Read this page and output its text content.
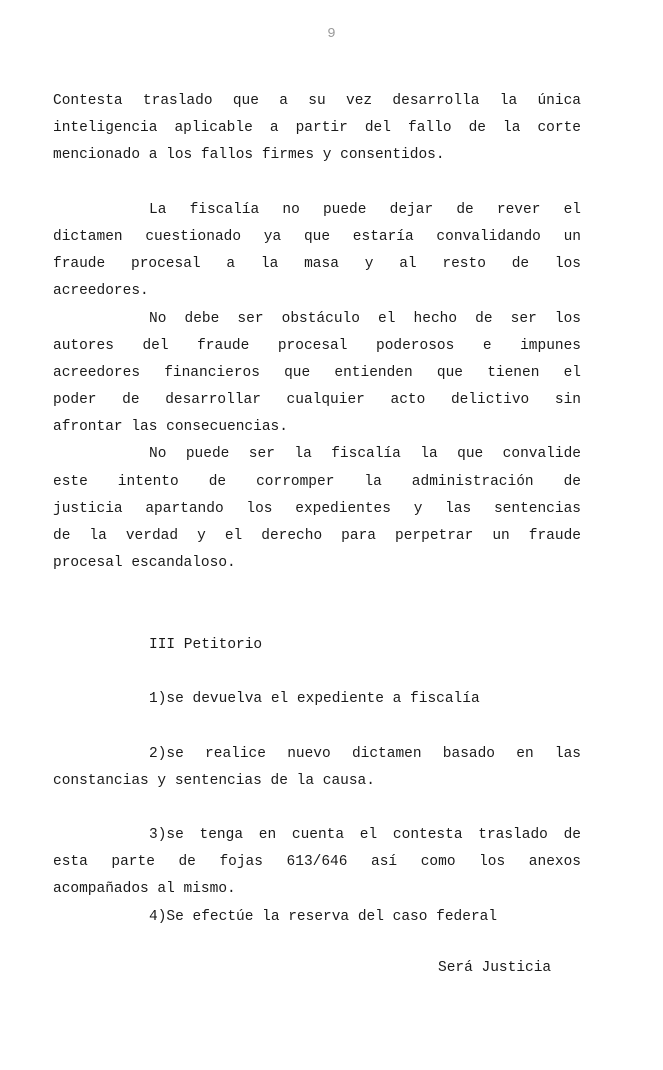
9
Contesta traslado que a su vez desarrolla la única
inteligencia aplicable a partir del fallo de la corte
mencionado a los fallos firmes y consentidos.
La fiscalía no puede dejar de rever el
dictamen cuestionado ya que estaría convalidando un
fraude procesal a la masa y al resto de los
acreedores.
No debe ser obstáculo el hecho de ser los
autores del fraude procesal poderosos e impunes
acreedores financieros que entienden que tienen el
poder de desarrollar cualquier acto delictivo sin
afrontar las consecuencias.
No puede ser la fiscalía la que convalide
este intento de corromper la administración de
justicia apartando los expedientes y las sentencias
de la verdad y el derecho para perpetrar un fraude
procesal escandaloso.
III Petitorio
1)se devuelva el expediente a fiscalía
2)se realice nuevo dictamen basado en las
constancias y sentencias de la causa.
3)se tenga en cuenta el contesta traslado de
esta parte de fojas 613/646 así como los anexos
acompañados al mismo.
4)Se efectúe la reserva del caso federal
Será Justicia
